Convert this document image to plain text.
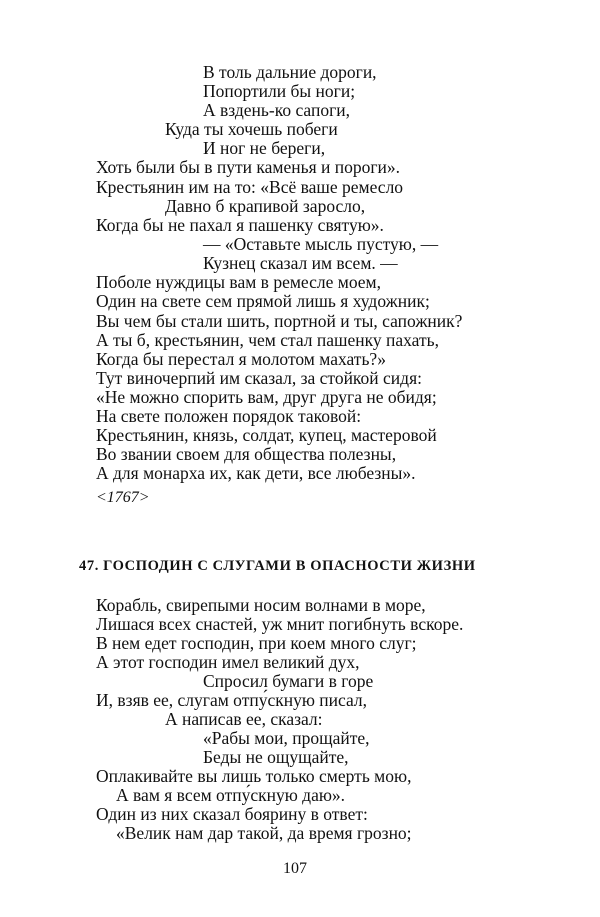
В толь дальние дороги,
Попортили бы ноги;
А вздень-ко сапоги,
Куда ты хочешь побеги
И ног не береги,
Хоть были бы в пути каменья и пороги».
Крестьянин им на то: «Всё ваше ремесло
Давно б крапивой заросло,
Когда бы не пахал я пашенку святую».
— «Оставьте мысль пустую, —
Кузнец сказал им всем. —
Поболе нуждицы вам в ремесле моем,
Один на свете сем прямой лишь я художник;
Вы чем бы стали шить, портной и ты, сапожник?
А ты б, крестьянин, чем стал пашенку пахать,
Когда бы перестал я молотом махать?»
Тут виночерпий им сказал, за стойкой сидя:
«Не можно спорить вам, друг друга не обидя;
На свете положен порядок таковой:
Крестьянин, князь, солдат, купец, мастеровой
Во звании своем для общества полезны,
А для монарха их, как дети, все любезны».
<1767>
47. ГОСПОДИН С СЛУГАМИ В ОПАСНОСТИ ЖИЗНИ
Корабль, свирепыми носим волнами в море,
Лишася всех снастей, уж мнит погибнуть вскоре.
В нем едет господин, при коем много слуг;
А этот господин имел великий дух,
Спросил бумаги в горе
И, взяв ее, слугам отпу́скную писал,
А написав ее, сказал:
«Рабы мои, прощайте,
Беды не ощущайте,
Оплакивайте вы лишь только смерть мою,
А вам я всем отпу́скную даю».
Один из них сказал боярину в ответ:
«Велик нам дар такой, да время грозно;
107
